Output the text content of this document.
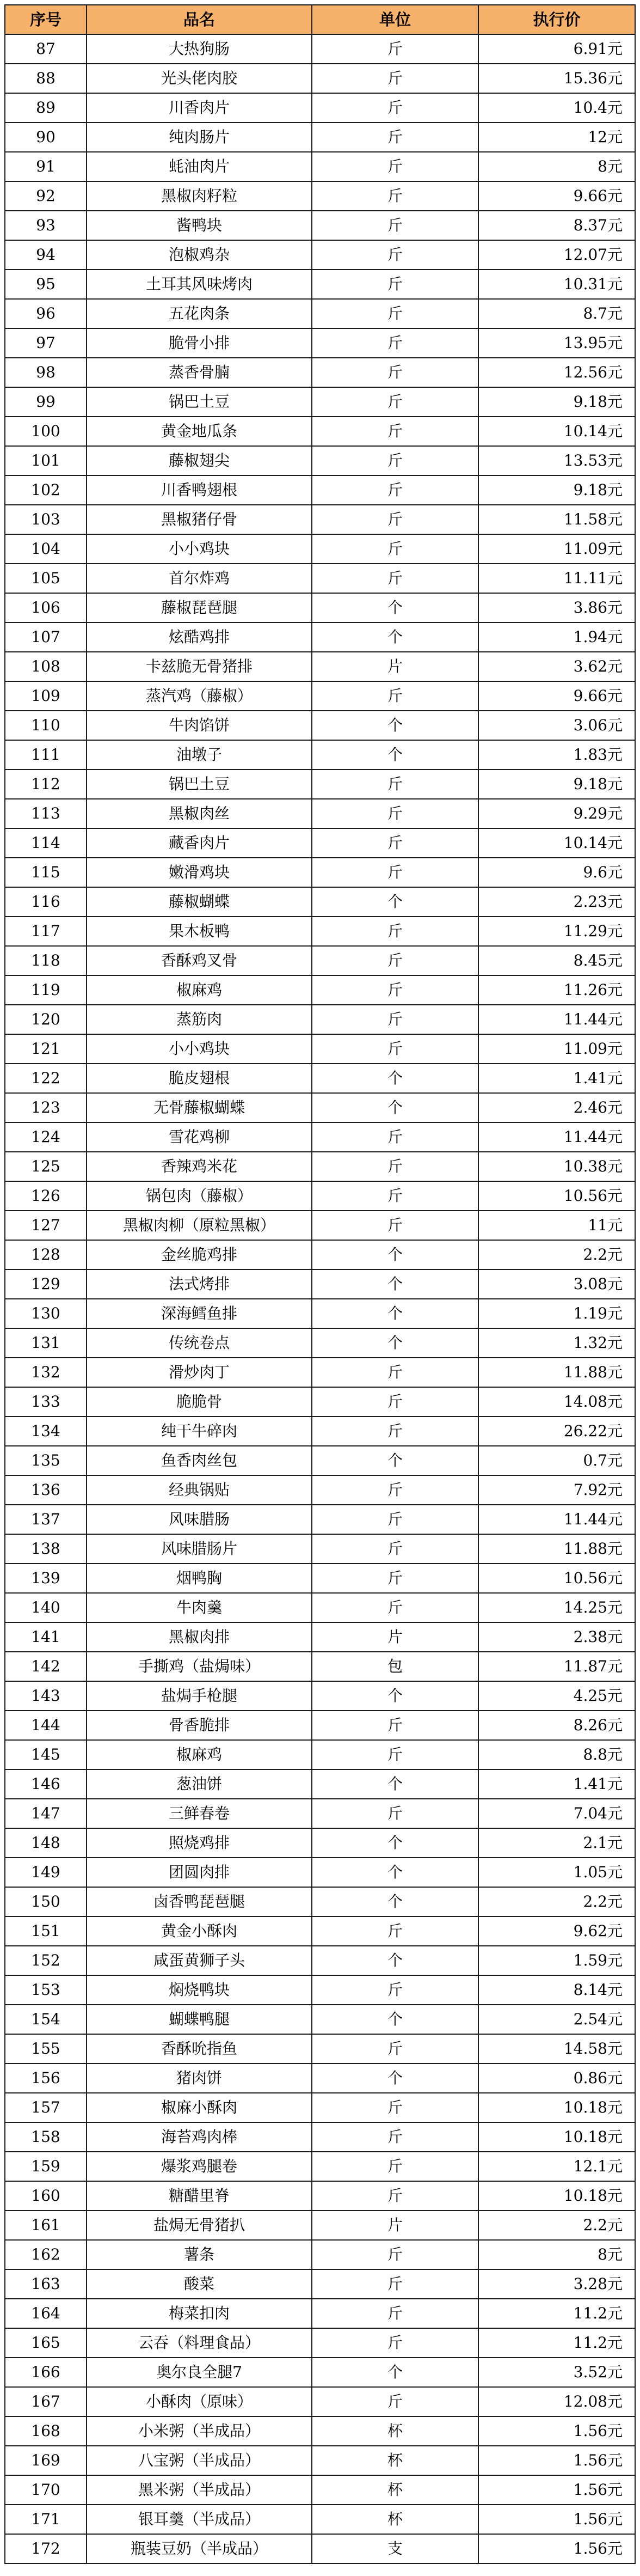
序号	品名	单位	执行价
87	大热狗肠	斤	6.91元
88	光头佬肉胶	斤	15.36元
89	川香肉片	斤	10.4元
90	纯肉肠片	斤	12元
91	蚝油肉片	斤	8元
92	黑椒肉籽粒	斤	9.66元
93	酱鸭块	斤	8.37元
94	泡椒鸡杂	斤	12.07元
95	土耳其风味烤肉	斤	10.31元
96	五花肉条	斤	8.7元
97	脆骨小排	斤	13.95元
98	蒸香骨腩	斤	12.56元
99	锅巴土豆	斤	9.18元
100	黄金地瓜条	斤	10.14元
101	藤椒翅尖	斤	13.53元
102	川香鸭翅根	斤	9.18元
103	黑椒猪仔骨	斤	11.58元
104	小小鸡块	斤	11.09元
105	首尔炸鸡	斤	11.11元
106	藤椒琵琶腿	个	3.86元
107	炫酷鸡排	个	1.94元
108	卡兹脆无骨猪排	片	3.62元
109	蒸汽鸡（藤椒）	斤	9.66元
110	牛肉馅饼	个	3.06元
111	油墩子	个	1.83元
112	锅巴土豆	斤	9.18元
113	黑椒肉丝	斤	9.29元
114	藏香肉片	斤	10.14元
115	嫩滑鸡块	斤	9.6元
116	藤椒蝴蝶	个	2.23元
117	果木板鸭	斤	11.29元
118	香酥鸡叉骨	斤	8.45元
119	椒麻鸡	斤	11.26元
120	蒸筋肉	斤	11.44元
121	小小鸡块	斤	11.09元
122	脆皮翅根	个	1.41元
123	无骨藤椒蝴蝶	个	2.46元
124	雪花鸡柳	斤	11.44元
125	香辣鸡米花	斤	10.38元
126	锅包肉（藤椒）	斤	10.56元
127	黑椒肉柳（原粒黑椒）	斤	11元
128	金丝脆鸡排	个	2.2元
129	法式烤排	个	3.08元
130	深海鳕鱼排	个	1.19元
131	传统卷点	个	1.32元
132	滑炒肉丁	斤	11.88元
133	脆脆骨	斤	14.08元
134	纯干牛碎肉	斤	26.22元
135	鱼香肉丝包	个	0.7元
136	经典锅贴	斤	7.92元
137	风味腊肠	斤	11.44元
138	风味腊肠片	斤	11.88元
139	烟鸭胸	斤	10.56元
140	牛肉羹	斤	14.25元
141	黑椒肉排	片	2.38元
142	手撕鸡（盐焗味）	包	11.87元
143	盐焗手枪腿	个	4.25元
144	骨香脆排	斤	8.26元
145	椒麻鸡	斤	8.8元
146	葱油饼	个	1.41元
147	三鲜春卷	斤	7.04元
148	照烧鸡排	个	2.1元
149	团圆肉排	个	1.05元
150	卤香鸭琵琶腿	个	2.2元
151	黄金小酥肉	斤	9.62元
152	咸蛋黄狮子头	个	1.59元
153	焖烧鸭块	斤	8.14元
154	蝴蝶鸭腿	个	2.54元
155	香酥吮指鱼	斤	14.58元
156	猪肉饼	个	0.86元
157	椒麻小酥肉	斤	10.18元
158	海苔鸡肉棒	斤	10.18元
159	爆浆鸡腿卷	斤	12.1元
160	糖醋里脊	斤	10.18元
161	盐焗无骨猪扒	片	2.2元
162	薯条	斤	8元
163	酸菜	斤	3.28元
164	梅菜扣肉	斤	11.2元
165	云吞（料理食品）	斤	11.2元
166	奥尔良全腿7	个	3.52元
167	小酥肉（原味）	斤	12.08元
168	小米粥（半成品）	杯	1.56元
169	八宝粥（半成品）	杯	1.56元
170	黑米粥（半成品）	杯	1.56元
171	银耳羹（半成品）	杯	1.56元
172	瓶装豆奶（半成品）	支	1.56元
